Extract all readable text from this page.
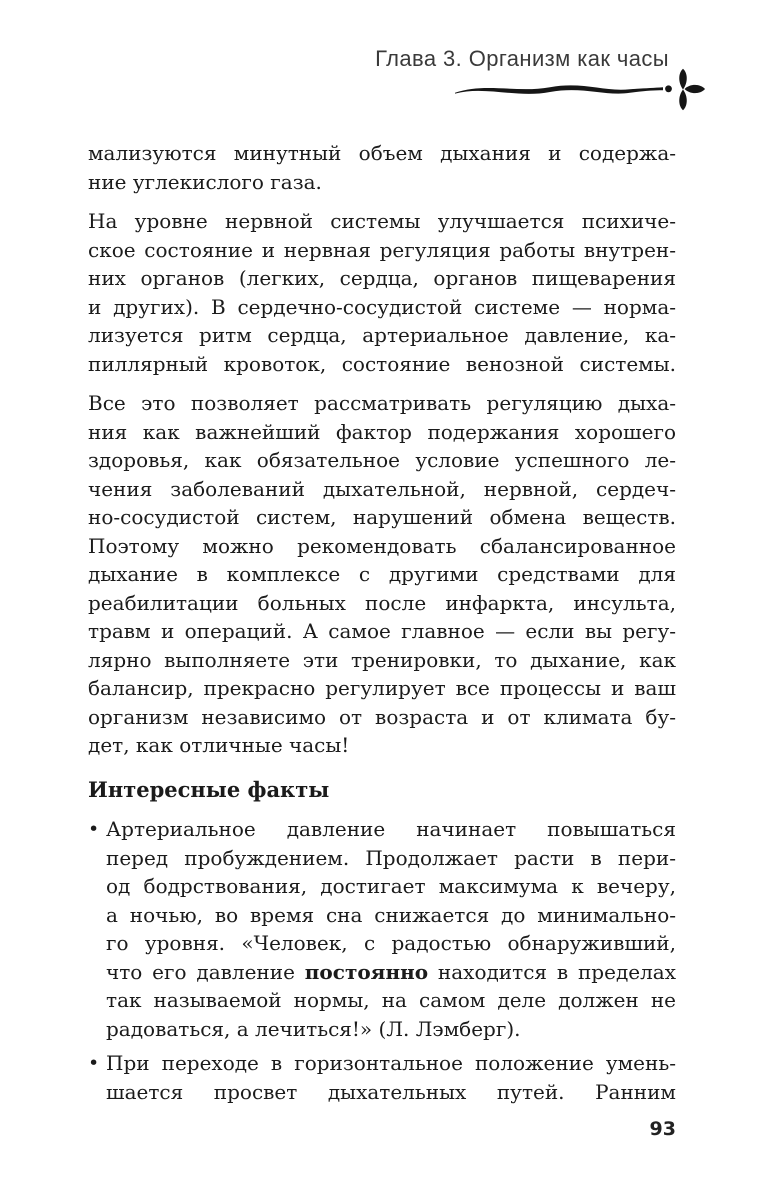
Глава 3. Организм как часы
мализуются минутный объем дыхания и содержа-
ние углекислого газа.
На уровне нервной системы улучшается психиче-
ское состояние и нервная регуляция работы внутрен-
них органов (легких, сердца, органов пищеварения
и других). В сердечно-сосудистой системе — норма-
лизуется ритм сердца, артериальное давление, ка-
пиллярный кровоток, состояние венозной системы.
Все это позволяет рассматривать регуляцию дыха-
ния как важнейший фактор подержания хорошего
здоровья, как обязательное условие успешного ле-
чения заболеваний дыхательной, нервной, сердеч-
но-сосудистой систем, нарушений обмена веществ.
Поэтому можно рекомендовать сбалансированное
дыхание в комплексе с другими средствами для
реабилитации больных после инфаркта, инсульта,
травм и операций. А самое главное — если вы регу-
лярно выполняете эти тренировки, то дыхание, как
балансир, прекрасно регулирует все процессы и ваш
организм независимо от возраста и от климата бу-
дет, как отличные часы!
Интересные факты
• Артериальное давление начинает повышаться
перед пробуждением. Продолжает расти в пери-
од бодрствования, достигает максимума к вечеру,
а ночью, во время сна снижается до минимально-
го уровня. «Человек, с радостью обнаруживший,
что его давление постоянно находится в пределах
так называемой нормы, на самом деле должен не
радоваться, а лечиться!» (Л. Лэмберг).
• При переходе в горизонтальное положение умень-
шается просвет дыхательных путей. Ранним
93
